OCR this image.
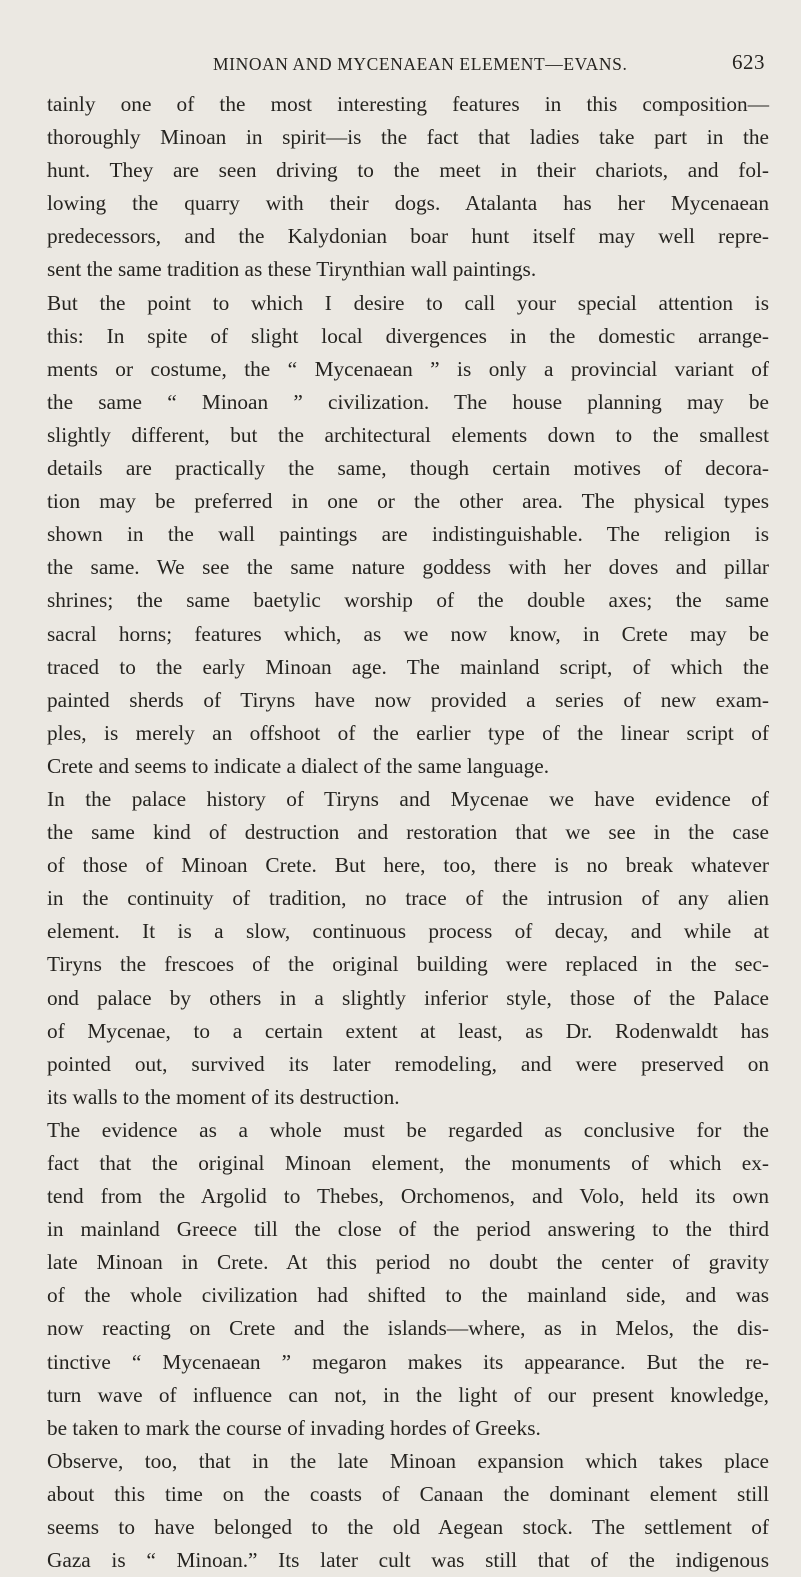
MINOAN AND MYCENAEAN ELEMENT—EVANS.	623
tainly one of the most interesting features in this composition—
thoroughly Minoan in spirit—is the fact that ladies take part in the
hunt. They are seen driving to the meet in their chariots, and fol-
lowing the quarry with their dogs. Atalanta has her Mycenaean
predecessors, and the Kalydonian boar hunt itself may well repre-
sent the same tradition as these Tirynthian wall paintings.
But the point to which I desire to call your special attention is
this: In spite of slight local divergences in the domestic arrange-
ments or costume, the “ Mycenaean ” is only a provincial variant of
the same “ Minoan ” civilization. The house planning may be
slightly different, but the architectural elements down to the smallest
details are practically the same, though certain motives of decora-
tion may be preferred in one or the other area. The physical types
shown in the wall paintings are indistinguishable. The religion is
the same. We see the same nature goddess with her doves and pillar
shrines; the same baetylic worship of the double axes; the same
sacral horns; features which, as we now know, in Crete may be
traced to the early Minoan age. The mainland script, of which the
painted sherds of Tiryns have now provided a series of new exam-
ples, is merely an offshoot of the earlier type of the linear script of
Crete and seems to indicate a dialect of the same language.
In the palace history of Tiryns and Mycenae we have evidence of
the same kind of destruction and restoration that we see in the case
of those of Minoan Crete. But here, too, there is no break whatever
in the continuity of tradition, no trace of the intrusion of any alien
element. It is a slow, continuous process of decay, and while at
Tiryns the frescoes of the original building were replaced in the sec-
ond palace by others in a slightly inferior style, those of the Palace
of Mycenae, to a certain extent at least, as Dr. Rodenwaldt has
pointed out, survived its later remodeling, and were preserved on
its walls to the moment of its destruction.
The evidence as a whole must be regarded as conclusive for the
fact that the original Minoan element, the monuments of which ex-
tend from the Argolid to Thebes, Orchomenos, and Volo, held its own
in mainland Greece till the close of the period answering to the third
late Minoan in Crete. At this period no doubt the center of gravity
of the whole civilization had shifted to the mainland side, and was
now reacting on Crete and the islands—where, as in Melos, the dis-
tinctive “ Mycenaean ” megaron makes its appearance. But the re-
turn wave of influence can not, in the light of our present knowledge,
be taken to mark the course of invading hordes of Greeks.
Observe, too, that in the late Minoan expansion which takes place
about this time on the coasts of Canaan the dominant element still
seems to have belonged to the old Aegean stock. The settlement of
Gaza is “ Minoan.” Its later cult was still that of the indigenous
